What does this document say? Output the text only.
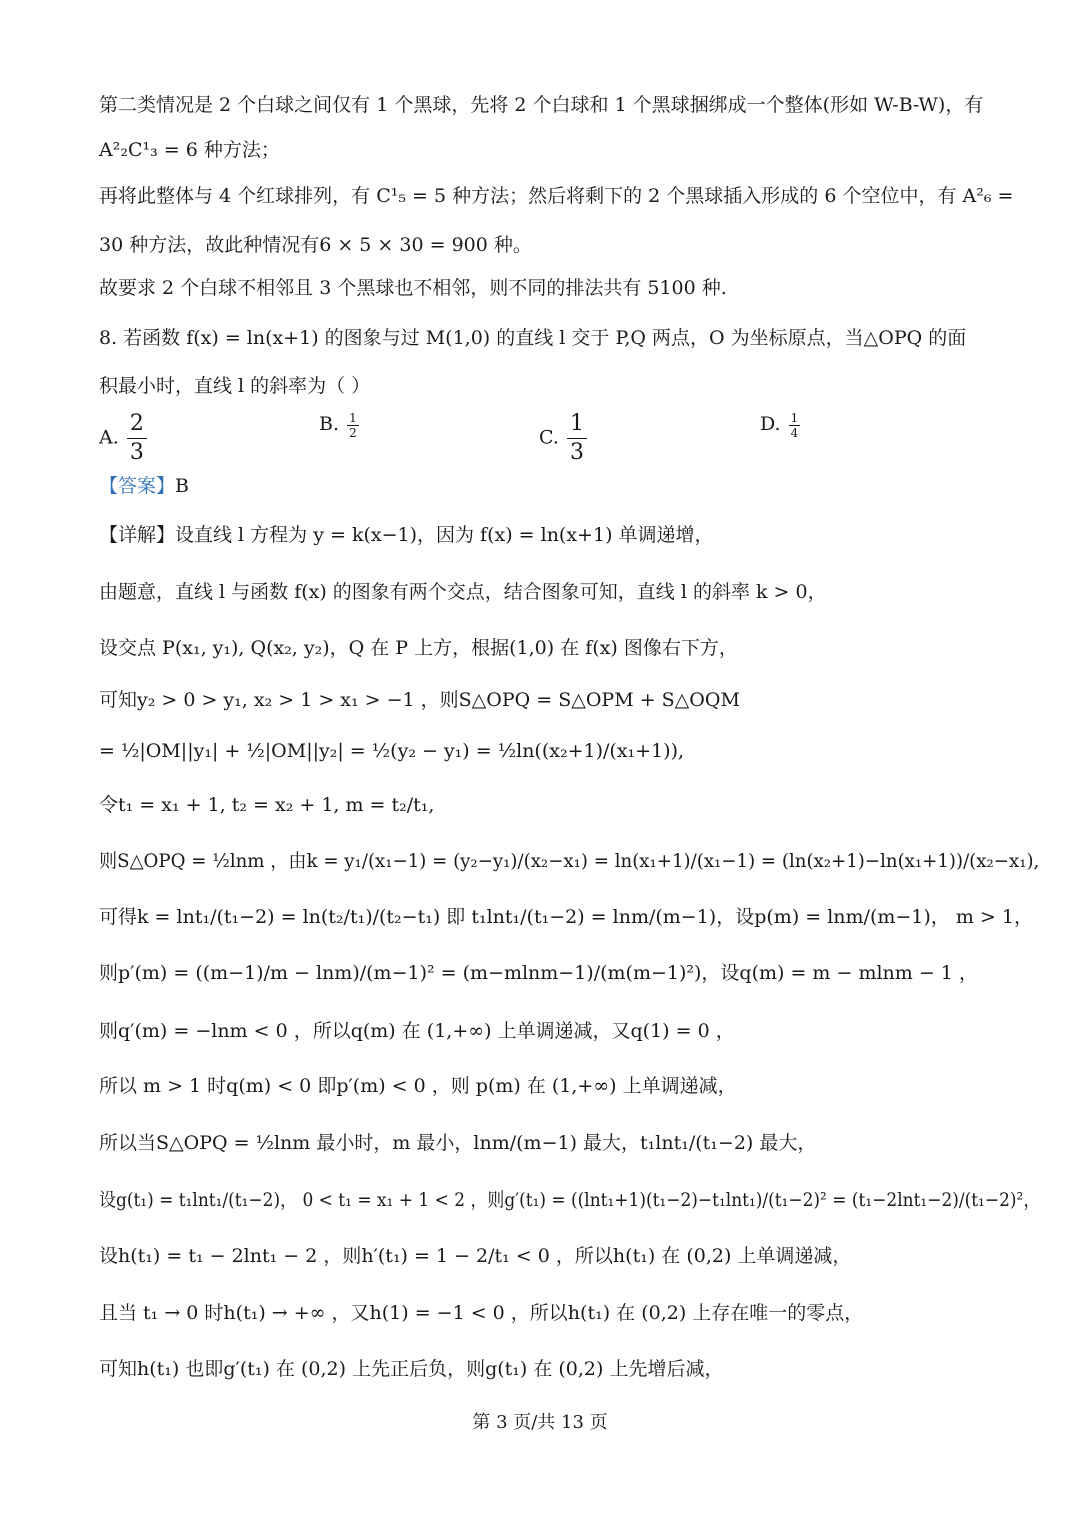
第二类情况是 2 个白球之间仅有 1 个黑球，先将 2 个白球和 1 个黑球捆绑成一个整体(形如 W-B-W)，有
A²₂C¹₃ = 6 种方法；
再将此整体与 4 个红球排列，有 C¹₅ = 5 种方法；然后将剩下的 2 个黑球插入形成的 6 个空位中，有 A²₆ =
30 种方法，故此种情况有6 × 5 × 30 = 900 种。
故要求 2 个白球不相邻且 3 个黑球也不相邻，则不同的排法共有 5100 种.
8. 若函数 f(x) = ln(x+1) 的图象与过 M(1,0) 的直线 l 交于 P,Q 两点，O 为坐标原点，当△OPQ 的面
积最小时，直线 l 的斜率为（ ）
A. $\frac{2}{3}$	B. $\frac{1}{2}$	C. $\frac{1}{3}$	D. $\frac{1}{4}$
【答案】B
【详解】设直线 l 方程为 y = k(x−1)，因为 f(x) = ln(x+1) 单调递增，
由题意，直线 l 与函数 f(x) 的图象有两个交点，结合图象可知，直线 l 的斜率 k > 0，
设交点 P(x₁, y₁), Q(x₂, y₂)，Q 在 P 上方，根据(1,0) 在 f(x) 图像右下方，
可知y₂ > 0 > y₁, x₂ > 1 > x₁ > −1 ，则S△OPQ = S△OPM + S△OQM
= ½|OM||y₁| + ½|OM||y₂| = ½(y₂ − y₁) = ½ln((x₂+1)/(x₁+1)),
令t₁ = x₁ + 1, t₂ = x₂ + 1, m = t₂/t₁,
则S△OPQ = ½lnm ，由k = y₁/(x₁−1) = (y₂−y₁)/(x₂−x₁) = ln(x₁+1)/(x₁−1) = (ln(x₂+1)−ln(x₁+1))/(x₂−x₁),
可得k = lnt₁/(t₁−2) = ln(t₂/t₁)/(t₂−t₁) 即 t₁lnt₁/(t₁−2) = lnm/(m−1)，设p(m) = lnm/(m−1)， m > 1，
则p′(m) = ((m−1)/m − lnm)/(m−1)² = (m−mlnm−1)/(m(m−1)²)，设q(m) = m − mlnm − 1 ，
则q′(m) = −lnm < 0 ，所以q(m) 在 (1,+∞) 上单调递减，又q(1) = 0 ，
所以 m > 1 时q(m) < 0 即p′(m) < 0 ，则 p(m) 在 (1,+∞) 上单调递减，
所以当S△OPQ = ½lnm 最小时，m 最小，lnm/(m−1) 最大，t₁lnt₁/(t₁−2) 最大，
设g(t₁) = t₁lnt₁/(t₁−2)， 0 < t₁ = x₁ + 1 < 2 ，则g′(t₁) = ((lnt₁+1)(t₁−2)−t₁lnt₁)/(t₁−2)² = (t₁−2lnt₁−2)/(t₁−2)²，
设h(t₁) = t₁ − 2lnt₁ − 2 ，则h′(t₁) = 1 − 2/t₁ < 0 ，所以h(t₁) 在 (0,2) 上单调递减，
且当 t₁ → 0 时h(t₁) → +∞ ，又h(1) = −1 < 0 ，所以h(t₁) 在 (0,2) 上存在唯一的零点，
可知h(t₁) 也即g′(t₁) 在 (0,2) 上先正后负，则g(t₁) 在 (0,2) 上先增后减，
第 3 页/共 13 页
